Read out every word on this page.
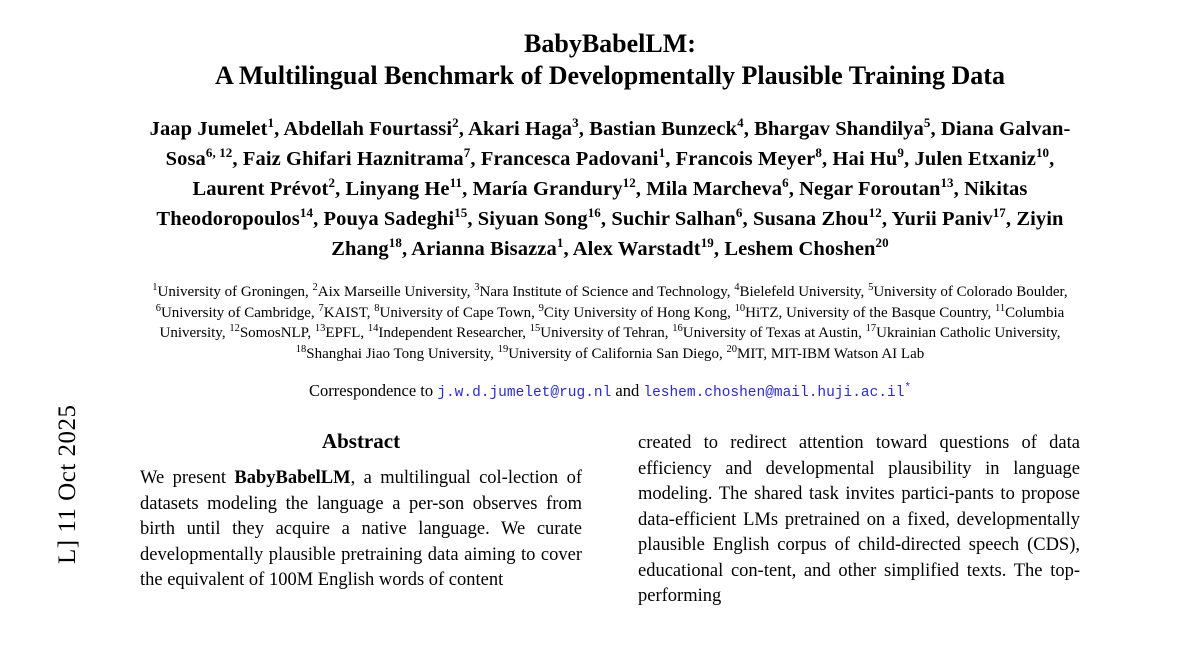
L] 11 Oct 2025
BabyBabelLM:
A Multilingual Benchmark of Developmentally Plausible Training Data
Jaap Jumelet$^1$, Abdellah Fourtassi$^2$, Akari Haga$^3$, Bastian Bunzeck$^4$, Bhargav Shandilya$^5$, Diana Galvan-Sosa$^{6, 12}$, Faiz Ghifari Haznitrama$^7$, Francesca Padovani$^1$, Francois Meyer$^8$, Hai Hu$^9$, Julen Etxaniz$^{10}$, Laurent Prévot$^2$, Linyang He$^{11}$, María Grandury$^{12}$, Mila Marcheva$^6$, Negar Foroutan$^{13}$, Nikitas Theodoropoulos$^{14}$, Pouya Sadeghi$^{15}$, Siyuan Song$^{16}$, Suchir Salhan$^6$, Susana Zhou$^{12}$, Yurii Paniv$^{17}$, Ziyin Zhang$^{18}$, Arianna Bisazza$^1$, Alex Warstadt$^{19}$, Leshem Choshen$^{20}$
$^1$University of Groningen, $^2$Aix Marseille University, $^3$Nara Institute of Science and Technology, $^4$Bielefeld University, $^5$University of Colorado Boulder, $^6$University of Cambridge, $^7$KAIST, $^8$University of Cape Town, $^9$City University of Hong Kong, $^{10}$HiTZ, University of the Basque Country, $^{11}$Columbia University, $^{12}$SomosNLP, $^{13}$EPFL, $^{14}$Independent Researcher, $^{15}$University of Tehran, $^{16}$University of Texas at Austin, $^{17}$Ukrainian Catholic University, $^{18}$Shanghai Jiao Tong University, $^{19}$University of California San Diego, $^{20}$MIT, MIT-IBM Watson AI Lab
Correspondence to j.w.d.jumelet@rug.nl and leshem.choshen@mail.huji.ac.il *
Abstract
We present BabyBabelLM, a multilingual col-lection of datasets modeling the language a per-son observes from birth until they acquire a native language. We curate developmentally plausible pretraining data aiming to cover the equivalent of 100M English words of content
created to redirect attention toward questions of data efficiency and developmental plausibility in language modeling. The shared task invites partici-pants to propose data-efficient LMs pretrained on a fixed, developmentally plausible English corpus of child-directed speech (CDS), educational con-tent, and other simplified texts. The top-performing
